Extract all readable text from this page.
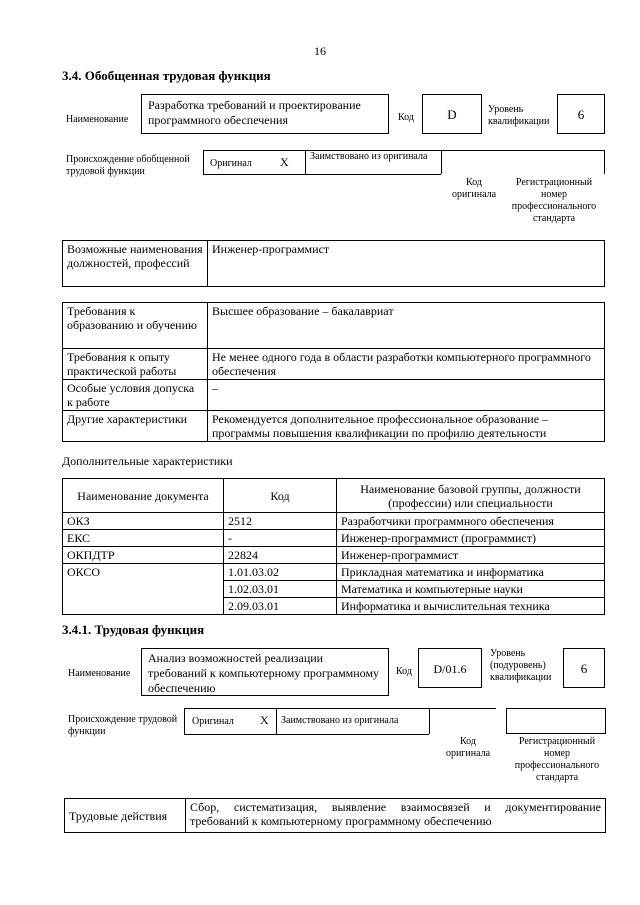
16
3.4. Обобщенная трудовая функция
Наименование
Разработка требований и проектирование программного обеспечения	Код	D	Уровень квалификации	6
Происхождение обобщенной трудовой функции
Оригинал X Заимствовано из оригинала
Код оригинала
Регистрационный номер профессионального стандарта
Возможные наименования должностей, профессий	Инженер-программист
Требования к образованию и обучению	Высшее образование – бакалавриат
Требования к опыту практической работы	Не менее одного года в области разработки компьютерного программного обеспечения
Особые условия допуска к работе	–
Другие характеристики	Рекомендуется дополнительное профессиональное образование – программы повышения квалификации по профилю деятельности
Дополнительные характеристики
Наименование документа	Код	Наименование базовой группы, должности (профессии) или специальности
ОКЗ	2512	Разработчики программного обеспечения
ЕКС	-	Инженер-программист (программист)
ОКПДТР	22824	Инженер-программист
ОКСО	1.01.03.02	Прикладная математика и информатика
	1.02.03.01	Математика и компьютерные науки
	2.09.03.01	Информатика и вычислительная техника
3.4.1. Трудовая функция
Наименование
Анализ возможностей реализации требований к компьютерному программному обеспечению
Код	D/01.6
Уровень (подуровень) квалификации
6
Происхождение трудовой функции
Оригинал X Заимствовано из оригинала
Код оригинала
Регистрационный номер профессионального стандарта
Трудовые действия	Сбор, систематизация, выявление взаимосвязей и документирование требований к компьютерному программному обеспечению
